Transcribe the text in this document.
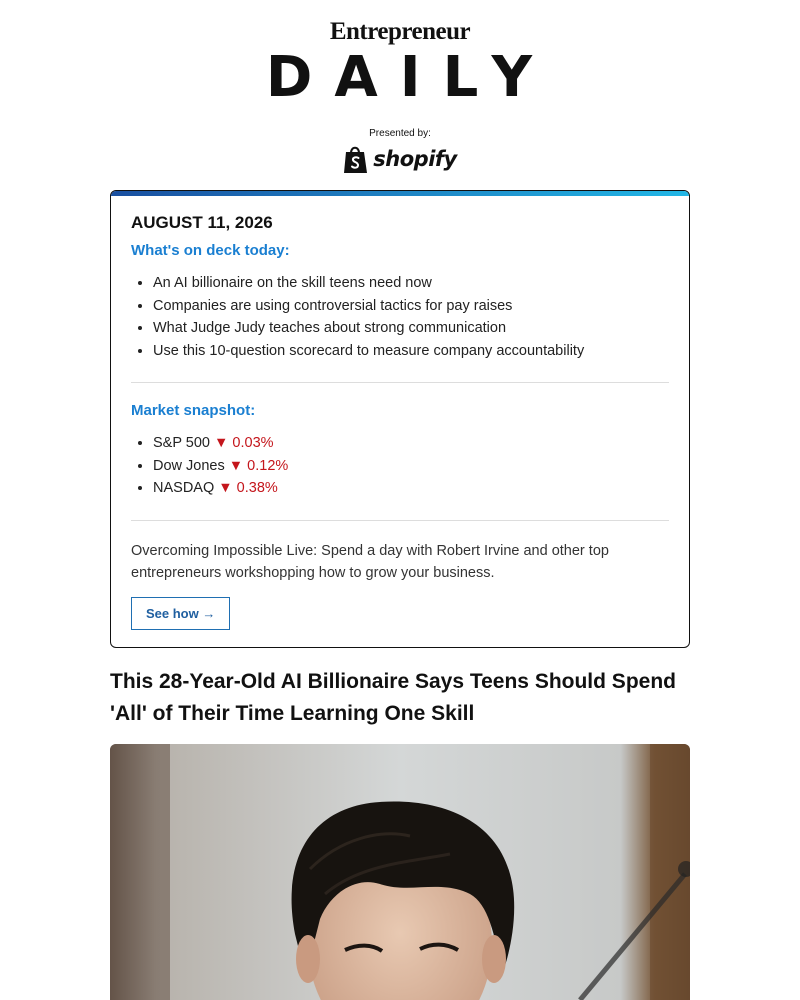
Entrepreneur
DAILY
Presented by:
shopify
AUGUST 11, 2026
What's on deck today:
• An AI billionaire on the skill teens need now
• Companies are using controversial tactics for pay raises
• What Judge Judy teaches about strong communication
• Use this 10-question scorecard to measure company accountability
Market snapshot:
• S&P 500 ▼ 0.03%
• Dow Jones ▼ 0.12%
• NASDAQ ▼ 0.38%

Overcoming Impossible Live: Spend a day with Robert Irvine and other top entrepreneurs workshopping how to grow your business.

See how →
This 28-Year-Old AI Billionaire Says Teens Should Spend 'All' of Their Time Learning One Skill
